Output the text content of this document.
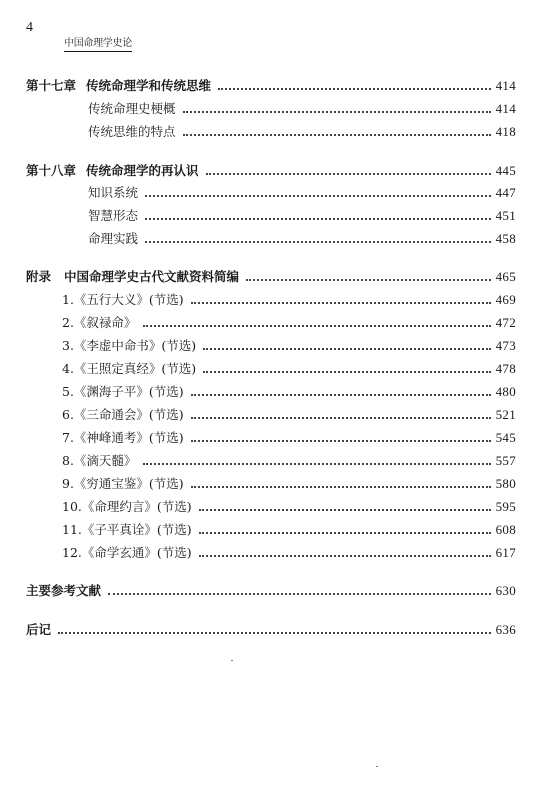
4
中国命理学史论
第十七章 传统命理学和传统思维	414
传统命理史梗概	414
传统思维的特点	418
第十八章 传统命理学的再认识	445
知识系统	447
智慧形态	451
命理实践	458
附录	中国命理学史古代文献资料简编	465
1.《五行大义》(节选)	469
2.《叙禄命》	472
3.《李虚中命书》(节选)	473
4.《王照定真经》(节选)	478
5.《渊海子平》(节选)	480
6.《三命通会》(节选)	521
7.《神峰通考》(节选)	545
8.《滴天髓》	557
9.《穷通宝鉴》(节选)	580
10.《命理约言》(节选)	595
11.《子平真诠》(节选)	608
12.《命学玄通》(节选)	617
主要参考文献	630
后记	636
